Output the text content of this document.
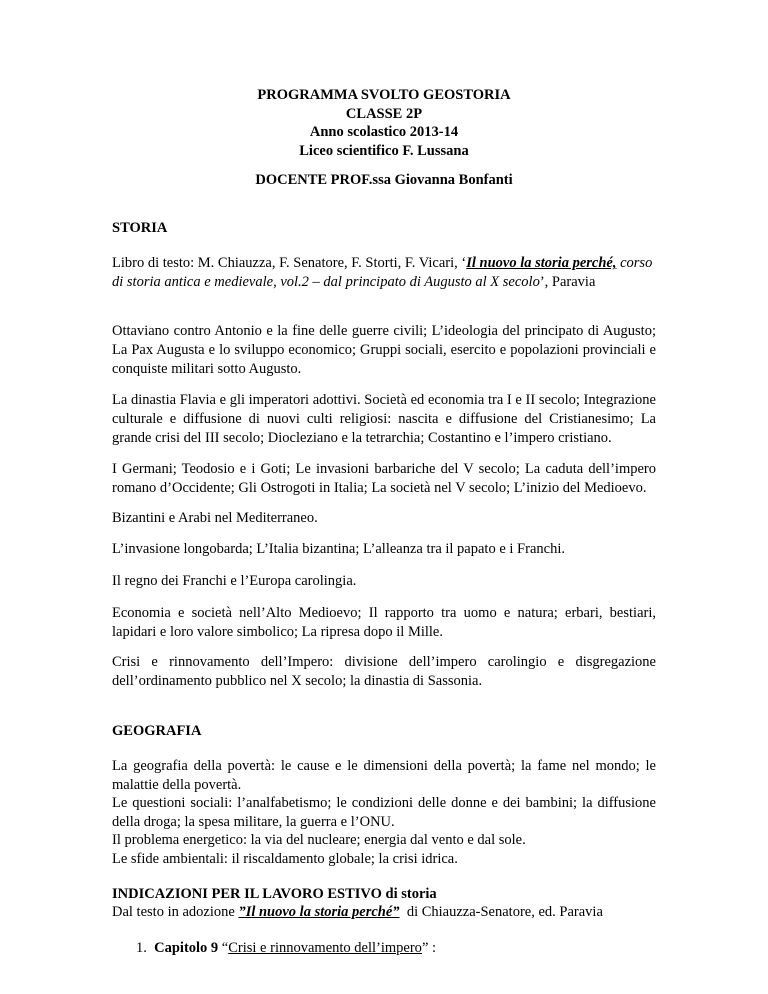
PROGRAMMA SVOLTO GEOSTORIA
CLASSE 2P
Anno scolastico 2013-14
Liceo scientifico F. Lussana
DOCENTE PROF.ssa Giovanna Bonfanti
STORIA
Libro di testo: M. Chiauzza, F. Senatore, F. Storti, F. Vicari, ‘Il nuovo la storia perché, corso di storia antica e medievale, vol.2 – dal principato di Augusto al X secolo’, Paravia
Ottaviano contro Antonio e la fine delle guerre civili; L’ideologia del principato di Augusto; La Pax Augusta e lo sviluppo economico; Gruppi sociali, esercito e popolazioni provinciali e conquiste militari sotto Augusto.
La dinastia Flavia e gli imperatori adottivi. Società ed economia tra I e II secolo; Integrazione culturale e diffusione di nuovi culti religiosi: nascita e diffusione del Cristianesimo; La grande crisi del III secolo; Diocleziano e la tetrarchia; Costantino e l’impero cristiano.
I Germani; Teodosio e i Goti; Le invasioni barbariche del V secolo; La caduta dell’impero romano d’Occidente; Gli Ostrogoti in Italia; La società nel V secolo; L’inizio del Medioevo.
Bizantini e Arabi nel Mediterraneo.
L’invasione longobarda; L’Italia bizantina; L’alleanza tra il papato e i Franchi.
Il regno dei Franchi e l’Europa carolingia.
Economia e società nell’Alto Medioevo; Il rapporto tra uomo e natura; erbari, bestiari, lapidari e loro valore simbolico; La ripresa dopo il Mille.
Crisi e rinnovamento dell’Impero: divisione dell’impero carolingio e disgregazione dell’ordinamento pubblico nel X secolo; la dinastia di Sassonia.
GEOGRAFIA
La geografia della povertà: le cause e le dimensioni della povertà; la fame nel mondo; le malattie della povertà.
Le questioni sociali: l’analfabetismo; le condizioni delle donne e dei bambini; la diffusione della droga; la spesa militare, la guerra e l’ONU.
Il problema energetico: la via del nucleare; energia dal vento e dal sole.
Le sfide ambientali: il riscaldamento globale; la crisi idrica.
INDICAZIONI PER IL LAVORO ESTIVO di storia
Dal testo in adozione ”Il nuovo la storia perché”  di Chiauzza-Senatore, ed. Paravia
1. Capitolo 9 “Crisi e rinnovamento dell’impero” :
